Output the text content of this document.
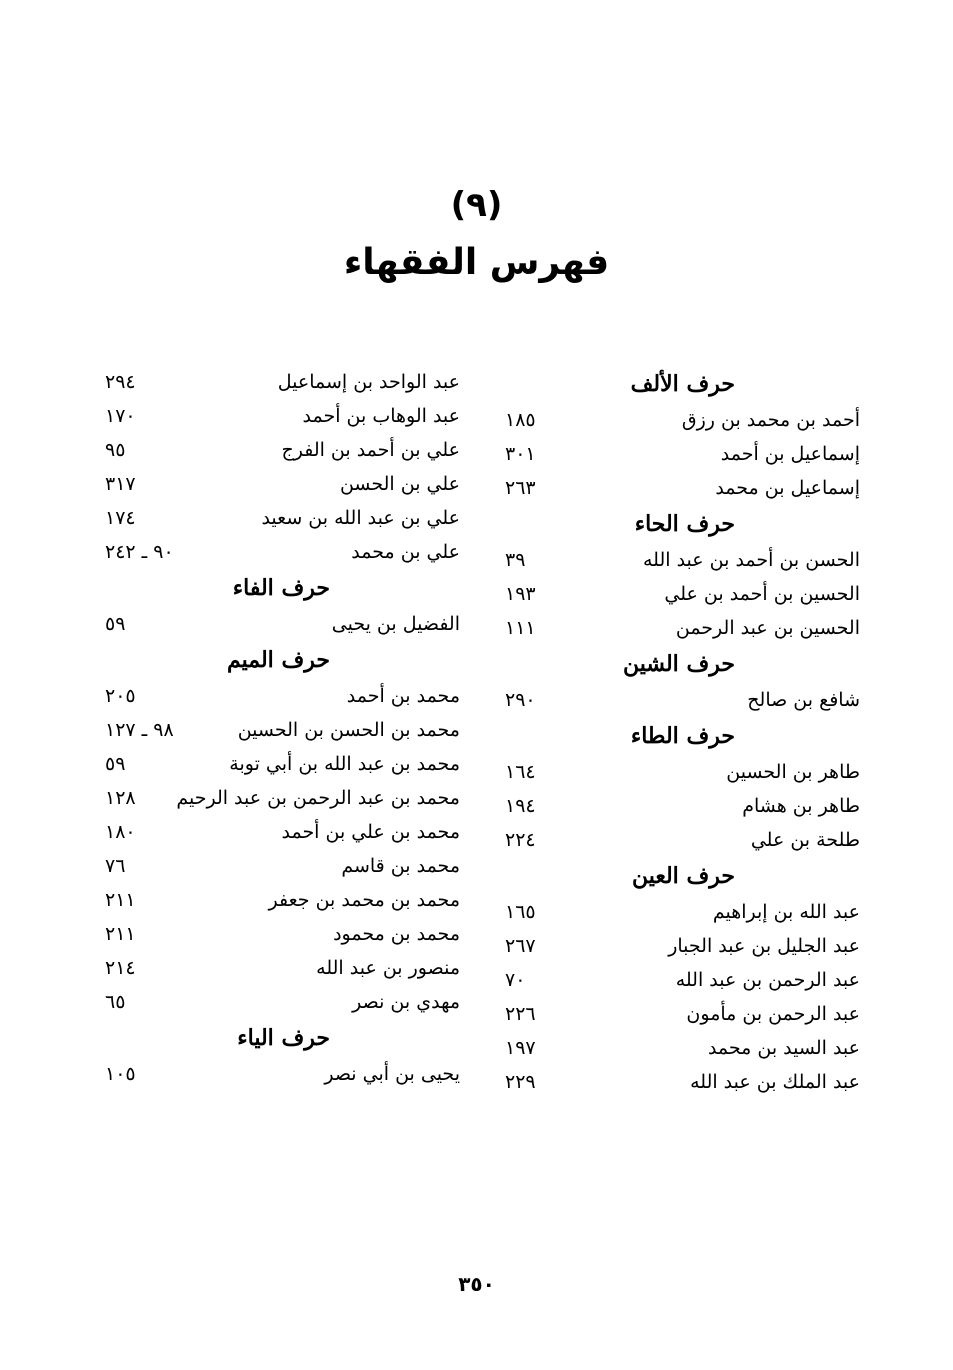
(٩)
فهرس الفقهاء
حرف الألف
أحمد بن محمد بن رزق
١٨٥
إسماعيل بن أحمد
٣٠١
إسماعيل بن محمد
٢٦٣
حرف الحاء
الحسن بن أحمد بن عبد الله
٣٩
الحسين بن أحمد بن علي
١٩٣
الحسين بن عبد الرحمن
١١١
حرف الشين
شافع بن صالح
٢٩٠
حرف الطاء
طاهر بن الحسين
١٦٤
طاهر بن هشام
١٩٤
طلحة بن علي
٢٢٤
حرف العين
عبد الله بن إبراهيم
١٦٥
عبد الجليل بن عبد الجبار
٢٦٧
عبد الرحمن بن عبد الله
٧٠
عبد الرحمن بن مأمون
٢٢٦
عبد السيد بن محمد
١٩٧
عبد الملك بن عبد الله
٢٢٩
عبد الواحد بن إسماعيل
٢٩٤
عبد الوهاب بن أحمد
١٧٠
علي بن أحمد بن الفرج
٩٥
علي بن الحسن
٣١٧
علي بن عبد الله بن سعيد
١٧٤
علي بن محمد
٩٠ ـ ٢٤٢
حرف الفاء
الفضيل بن يحيى
٥٩
حرف الميم
محمد بن أحمد
٢٠٥
محمد بن الحسن بن الحسين
٩٨ ـ ١٢٧
محمد بن عبد الله بن أبي توبة
٥٩
محمد بن عبد الرحمن بن عبد الرحيم
١٢٨
محمد بن علي بن أحمد
١٨٠
محمد بن قاسم
٧٦
محمد بن محمد بن جعفر
٢١١
محمد بن محمود
٢١١
منصور بن عبد الله
٢١٤
مهدي بن نصر
٦٥
حرف الياء
يحيى بن أبي نصر
١٠٥
٣٥٠
